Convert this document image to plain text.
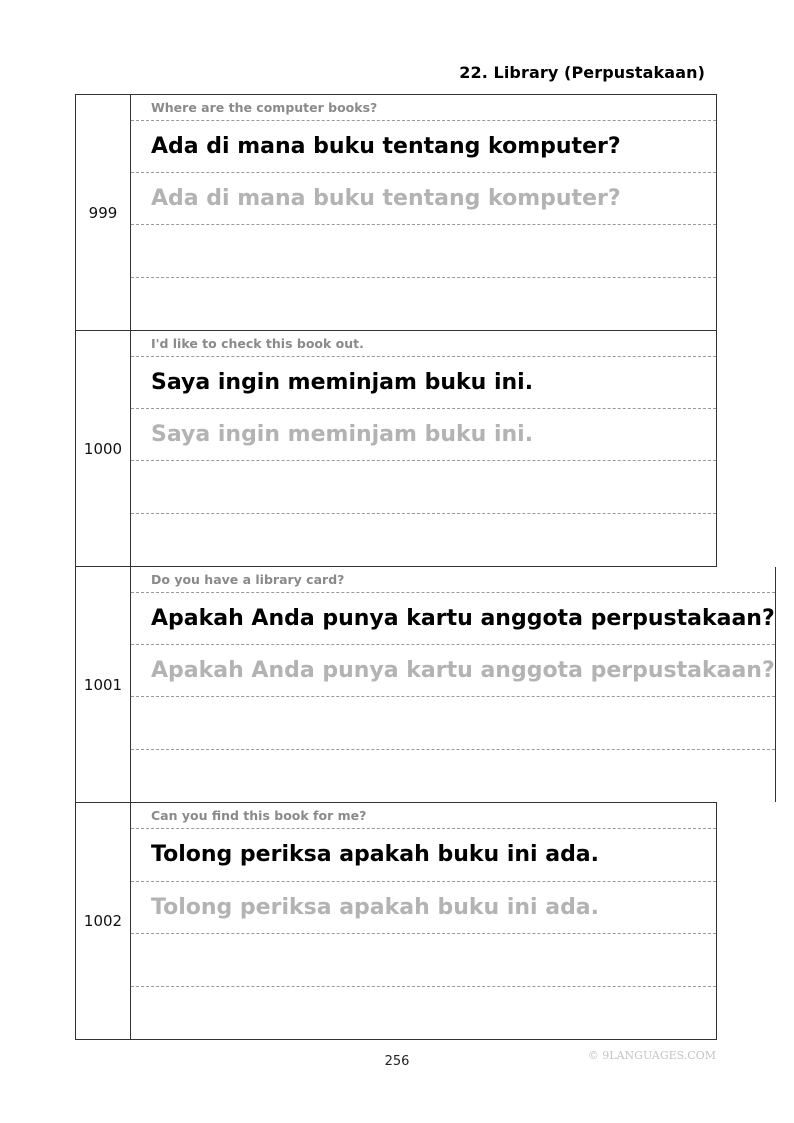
22. Library (Perpustakaan)
999
Where are the computer books?
Ada di mana buku tentang komputer?
Ada di mana buku tentang komputer?
1000
I'd like to check this book out.
Saya ingin meminjam buku ini.
Saya ingin meminjam buku ini.
1001
Do you have a library card?
Apakah Anda punya kartu anggota perpustakaan?
Apakah Anda punya kartu anggota perpustakaan?
1002
Can you find this book for me?
Tolong periksa apakah buku ini ada.
Tolong periksa apakah buku ini ada.
256	© 9LANGUAGES.COM
